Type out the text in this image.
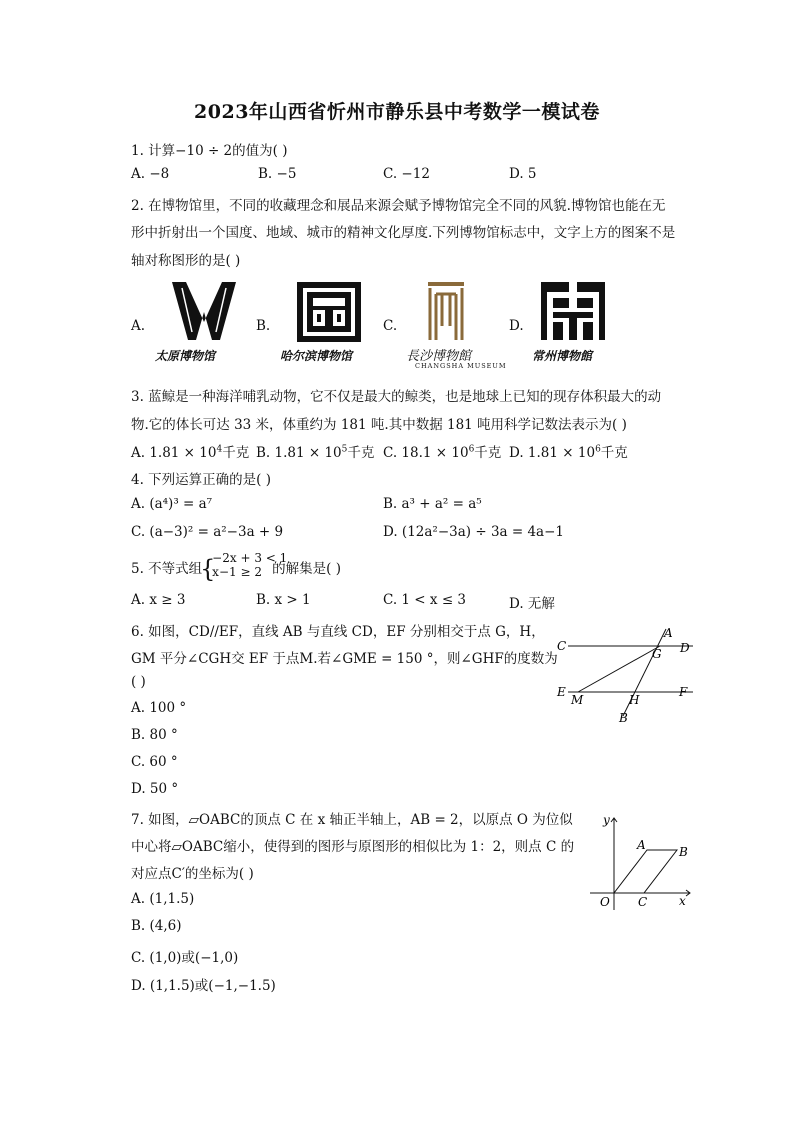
2023年山西省忻州市静乐县中考数学一模试卷
1. 计算−10 ÷ 2的值为( )
A. −8	B. −5	C. −12	D. 5
2. 在博物馆里，不同的收藏理念和展品来源会赋予博物馆完全不同的风貌.博物馆也能在无
形中折射出一个国度、地域、城市的精神文化厚度.下列博物馆标志中，文字上方的图案不是
轴对称图形的是( )
A.	B.	C.	D.
太原博物馆	哈尔滨博物馆	長沙博物館
CHANGSHA MUSEUM
常州博物館
3. 蓝鲸是一种海洋哺乳动物，它不仅是最大的鲸类，也是地球上已知的现存体积最大的动
物.它的体长可达 33 米，体重约为 181 吨.其中数据 181 吨用科学记数法表示为( )
A. $1.81 \times 10^4$千克 B. $1.81 \times 10^5$千克 C. $18.1 \times 10^6$千克 D. $1.81 \times 10^6$千克
4. 下列运算正确的是( )
A. (a⁴)³ = a⁷	B. a³ + a² = a⁵
C. (a−3)² = a²−3a + 9	D. (12a²−3a) ÷ 3a = 4a−1
5. 不等式组
{
−2x + 3 < 1
x−1 ≥ 2 的解集是( )
A. x ≥ 3	B. x > 1	C. 1 < x ≤ 3	D. 无解
6. 如图，CD//EF，直线 AB 与直线 CD，EF 分别相交于点 G，H，
GM 平分∠CGH交 EF 于点M.若∠GME = 150 °，则∠GHF的度数为
( )
A. 100 °
B. 80 °
C. 60 °
D. 50 °
C	D
A
G
E	F
M	H
B
7. 如图，▱OABC的顶点 C 在 x 轴正半轴上，AB = 2，以原点 O 为位似
中心将▱OABC缩小，使得到的图形与原图形的相似比为 1：2，则点 C 的
对应点C′的坐标为( )
A. (1,1.5)
B. (4,6)
C. (1,0)或(−1,0)
D. (1,1.5)或(−1,−1.5)
y
x
O
A	B
C
